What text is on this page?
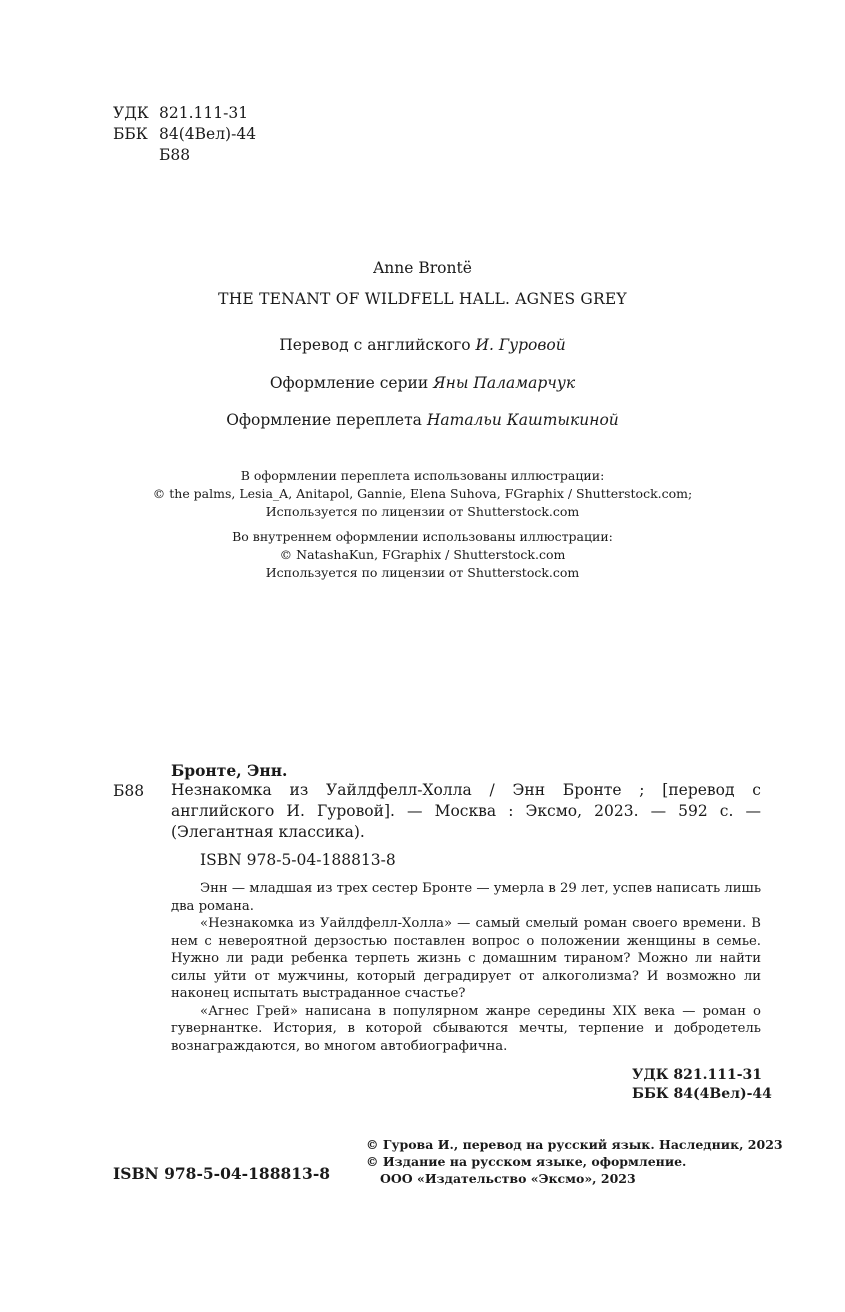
УДК 821.111-31
ББК 84(4Вел)-44
Б88
Anne Brontë
THE TENANT OF WILDFELL HALL. AGNES GREY
Перевод с английского И. Гуровой
Оформление серии Яны Паламарчук
Оформление переплета Натальи Каштыкиной
В оформлении переплета использованы иллюстрации:
© the palms, Lesia_A, Anitapol, Gannie, Elena Suhova, FGraphix / Shutterstock.com;
Используется по лицензии от Shutterstock.com
Во внутреннем оформлении использованы иллюстрации:
© NatashaKun, FGraphix / Shutterstock.com
Используется по лицензии от Shutterstock.com
Бронте, Энн.
Б88 Незнакомка из Уайлдфелл-Холла / Энн Бронте ; [перевод с английского И. Гуровой]. — Москва : Эксмо, 2023. — 592 с. — (Элегантная классика).
ISBN 978-5-04-188813-8

Энн — младшая из трех сестер Бронте — умерла в 29 лет, успев написать лишь два романа.

«Незнакомка из Уайлдфелл-Холла» — самый смелый роман своего времени. В нем с невероятной дерзостью поставлен вопрос о положении женщины в семье. Нужно ли ради ребенка терпеть жизнь с домашним тираном? Можно ли найти силы уйти от мужчины, который деградирует от алкоголизма? И возможно ли наконец испытать выстраданное счастье?

«Агнес Грей» написана в популярном жанре середины XIX века — роман о гувернантке. История, в которой сбываются мечты, терпение и добродетель вознаграждаются, во многом автобиографична.

УДК 821.111-31
ББК 84(4Вел)-44
ISBN 978-5-04-188813-8
© Гурова И., перевод на русский язык. Наследник, 2023
© Издание на русском языке, оформление.
ООО «Издательство «Эксмо», 2023
